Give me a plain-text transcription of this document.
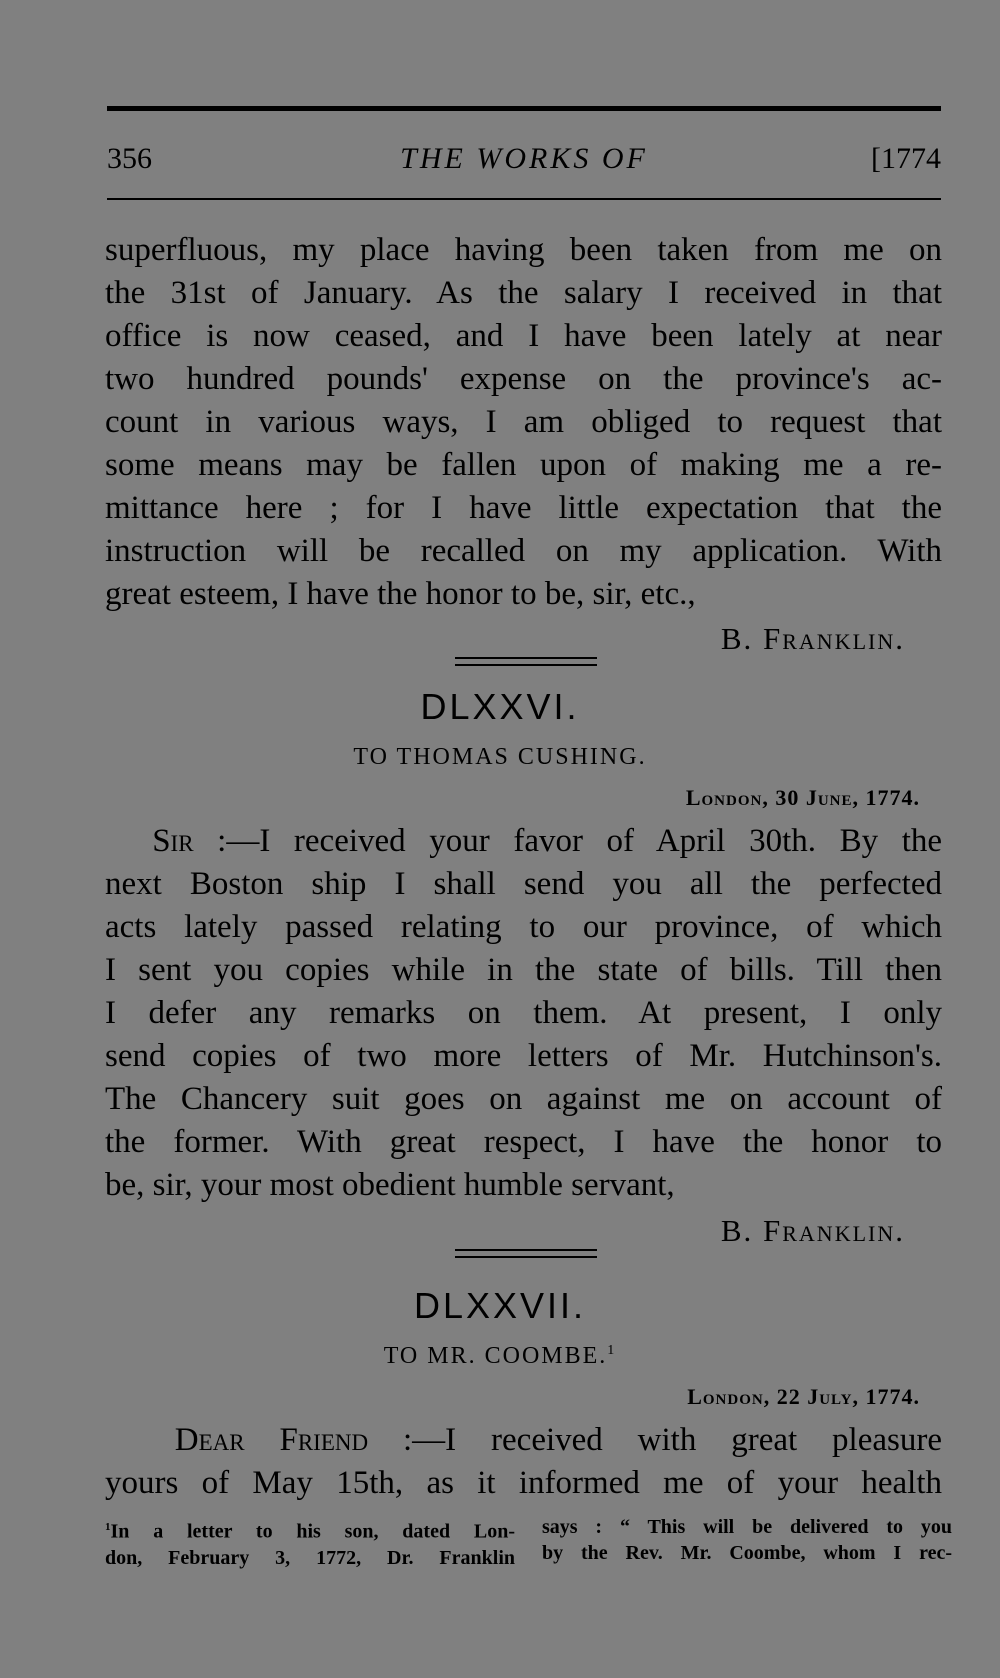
356	THE WORKS OF	[1774
superfluous, my place having been taken from me on
the 31st of January. As the salary I received in that
office is now ceased, and I have been lately at near
two hundred pounds' expense on the province's ac-
count in various ways, I am obliged to request that
some means may be fallen upon of making me a re-
mittance here ; for I have little expectation that the
instruction will be recalled on my application. With
great esteem, I have the honor to be, sir, etc.,
B. Franklin.
DLXXVI.
TO THOMAS CUSHING.
London, 30 June, 1774.
Sir :—I received your favor of April 30th. By the
next Boston ship I shall send you all the perfected
acts lately passed relating to our province, of which
I sent you copies while in the state of bills. Till then
I defer any remarks on them. At present, I only
send copies of two more letters of Mr. Hutchinson's.
The Chancery suit goes on against me on account of
the former. With great respect, I have the honor to
be, sir, your most obedient humble servant,
B. Franklin.
DLXXVII.
TO MR. COOMBE.$^1$
London, 22 July, 1774.
Dear Friend :—I received with great pleasure
yours of May 15th, as it informed me of your health
$^1$In a letter to his son, dated Lon-
don, February 3, 1772, Dr. Franklin
says : “ This will be delivered to you
by the Rev. Mr. Coombe, whom I rec-
